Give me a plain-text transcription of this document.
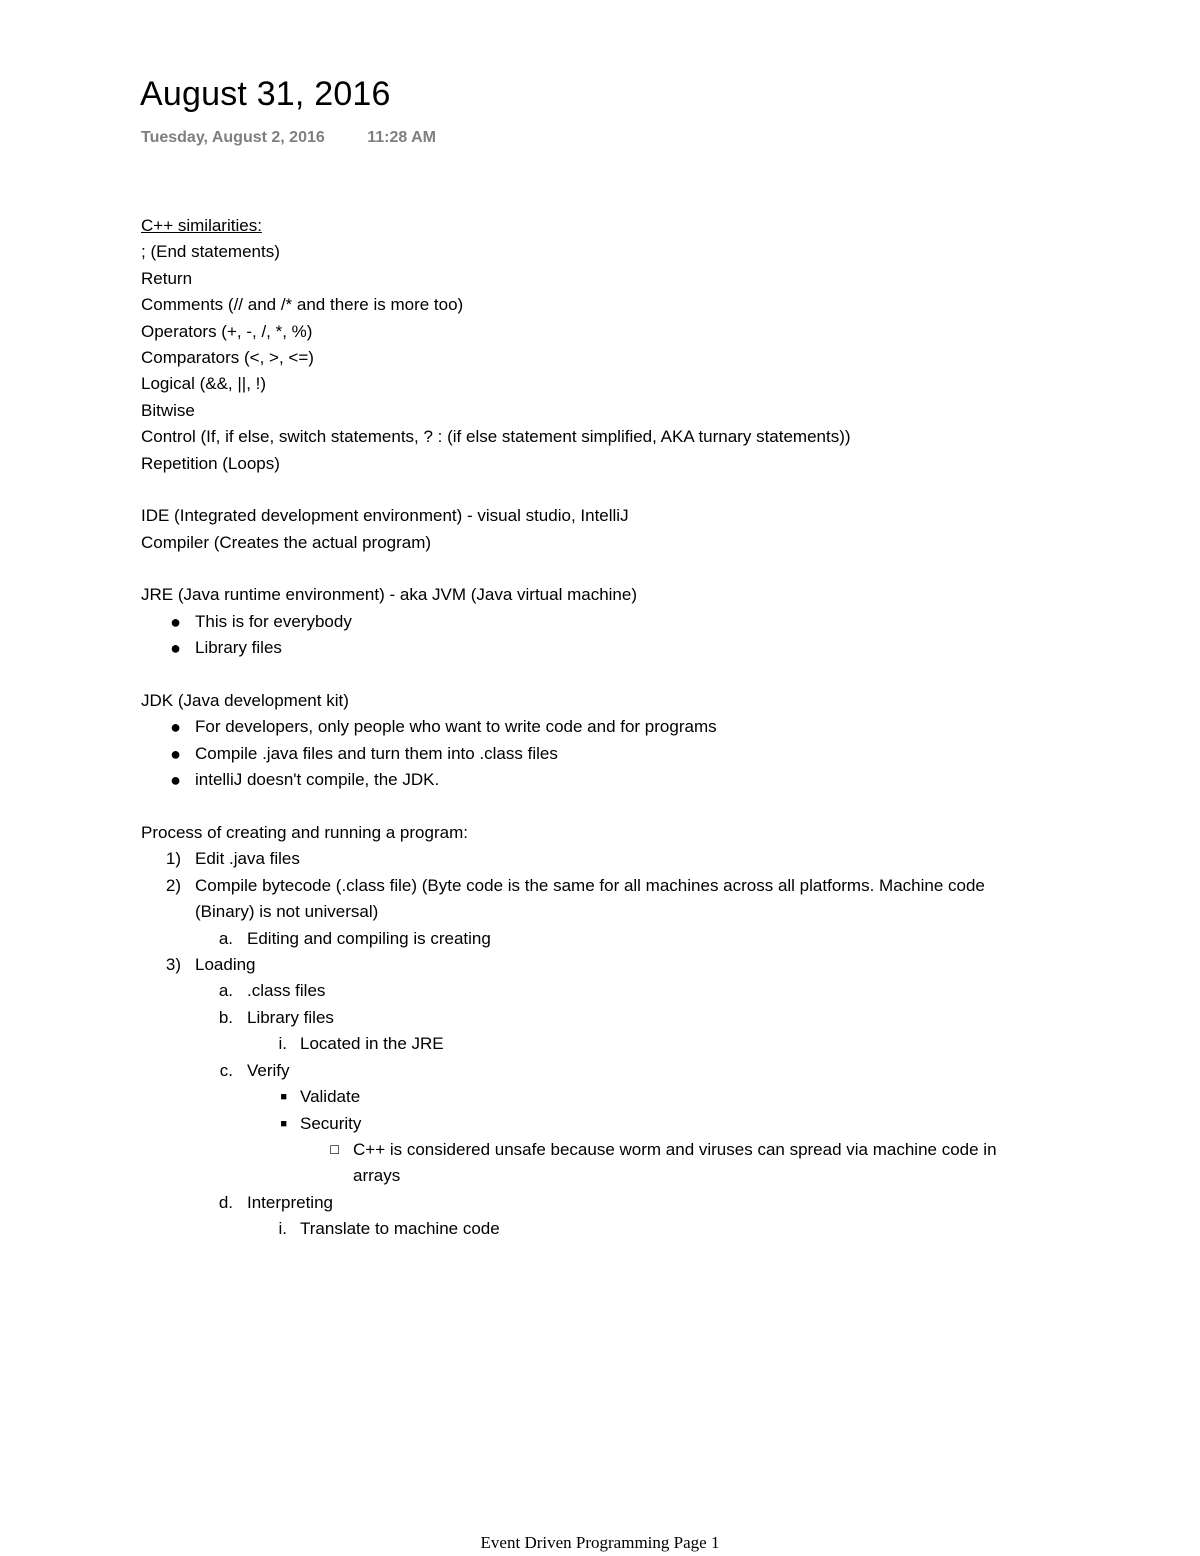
August 31, 2016
Tuesday, August 2, 2016	11:28 AM
C++ similarities:
; (End statements)
Return
Comments (// and /* and there is more too)
Operators (+, -, /, *, %)
Comparators (<, >, <=)
Logical (&&, ||, !)
Bitwise
Control (If, if else, switch statements, ? : (if else statement simplified, AKA turnary statements))
Repetition (Loops)
IDE (Integrated development environment) - visual studio, IntelliJ
Compiler (Creates the actual program)
JRE (Java runtime environment) - aka JVM (Java virtual machine)
● This is for everybody
● Library files
JDK (Java development kit)
● For developers, only people who want to write code and for programs
● Compile .java files and turn them into .class files
● intelliJ doesn't compile, the JDK.
Process of creating and running a program:
1) Edit .java files
2) Compile bytecode (.class file) (Byte code is the same for all machines across all platforms. Machine code (Binary) is not universal)
a. Editing and compiling is creating
3) Loading
a. .class files
b. Library files
i. Located in the JRE
c. Verify
■ Validate
■ Security
☐ C++ is considered unsafe because worm and viruses can spread via machine code in arrays
d. Interpreting
i. Translate to machine code
Event Driven Programming Page 1
